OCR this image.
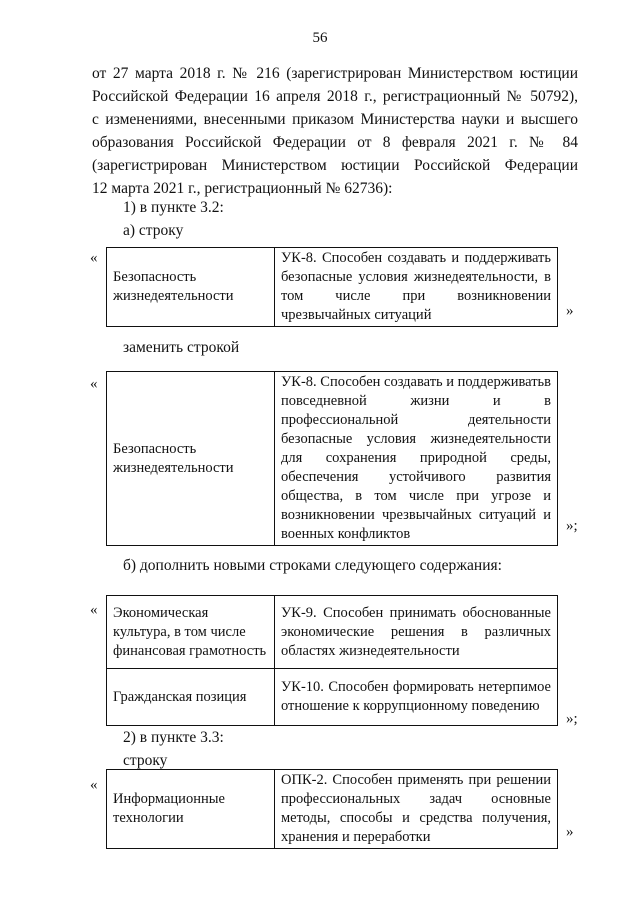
56
от 27 марта 2018 г. № 216 (зарегистрирован Министерством юстиции
Российской Федерации 16 апреля 2018 г., регистрационный № 50792),
с изменениями, внесенными приказом Министерства науки и высшего
образования Российской Федерации от 8 февраля 2021 г. № 84
(зарегистрирован Министерством юстиции Российской Федерации
12 марта 2021 г., регистрационный № 62736):
1) в пункте 3.2:
а) строку
«
Безопасность жизнедеятельности	УК-8. Способен создавать и поддерживать безопасные условия жизнедеятельности, в том числе при возникновении чрезвычайных ситуаций	»
заменить строкой
«
Безопасность жизнедеятельности	УК-8. Способен создавать и поддерживатьв повседневной жизни и в профессиональной деятельности безопасные условия жизнедеятельности для сохранения природной среды, обеспечения устойчивого развития общества, в том числе при угрозе и возникновении чрезвычайных ситуаций и военных конфликтов	»;
б) дополнить новыми строками следующего содержания:
« Экономическая культура, в том числе финансовая грамотность	УК-9. Способен принимать обоснованные экономические решения в различных областях жизнедеятельности
Гражданская позиция	УК-10. Способен формировать нетерпимое отношение к коррупционному поведению
»;
2) в пункте 3.3:
строку
«
Информационные технологии	ОПК-2. Способен применять при решении профессиональных задач основные методы, способы и средства получения, хранения и переработки	»
